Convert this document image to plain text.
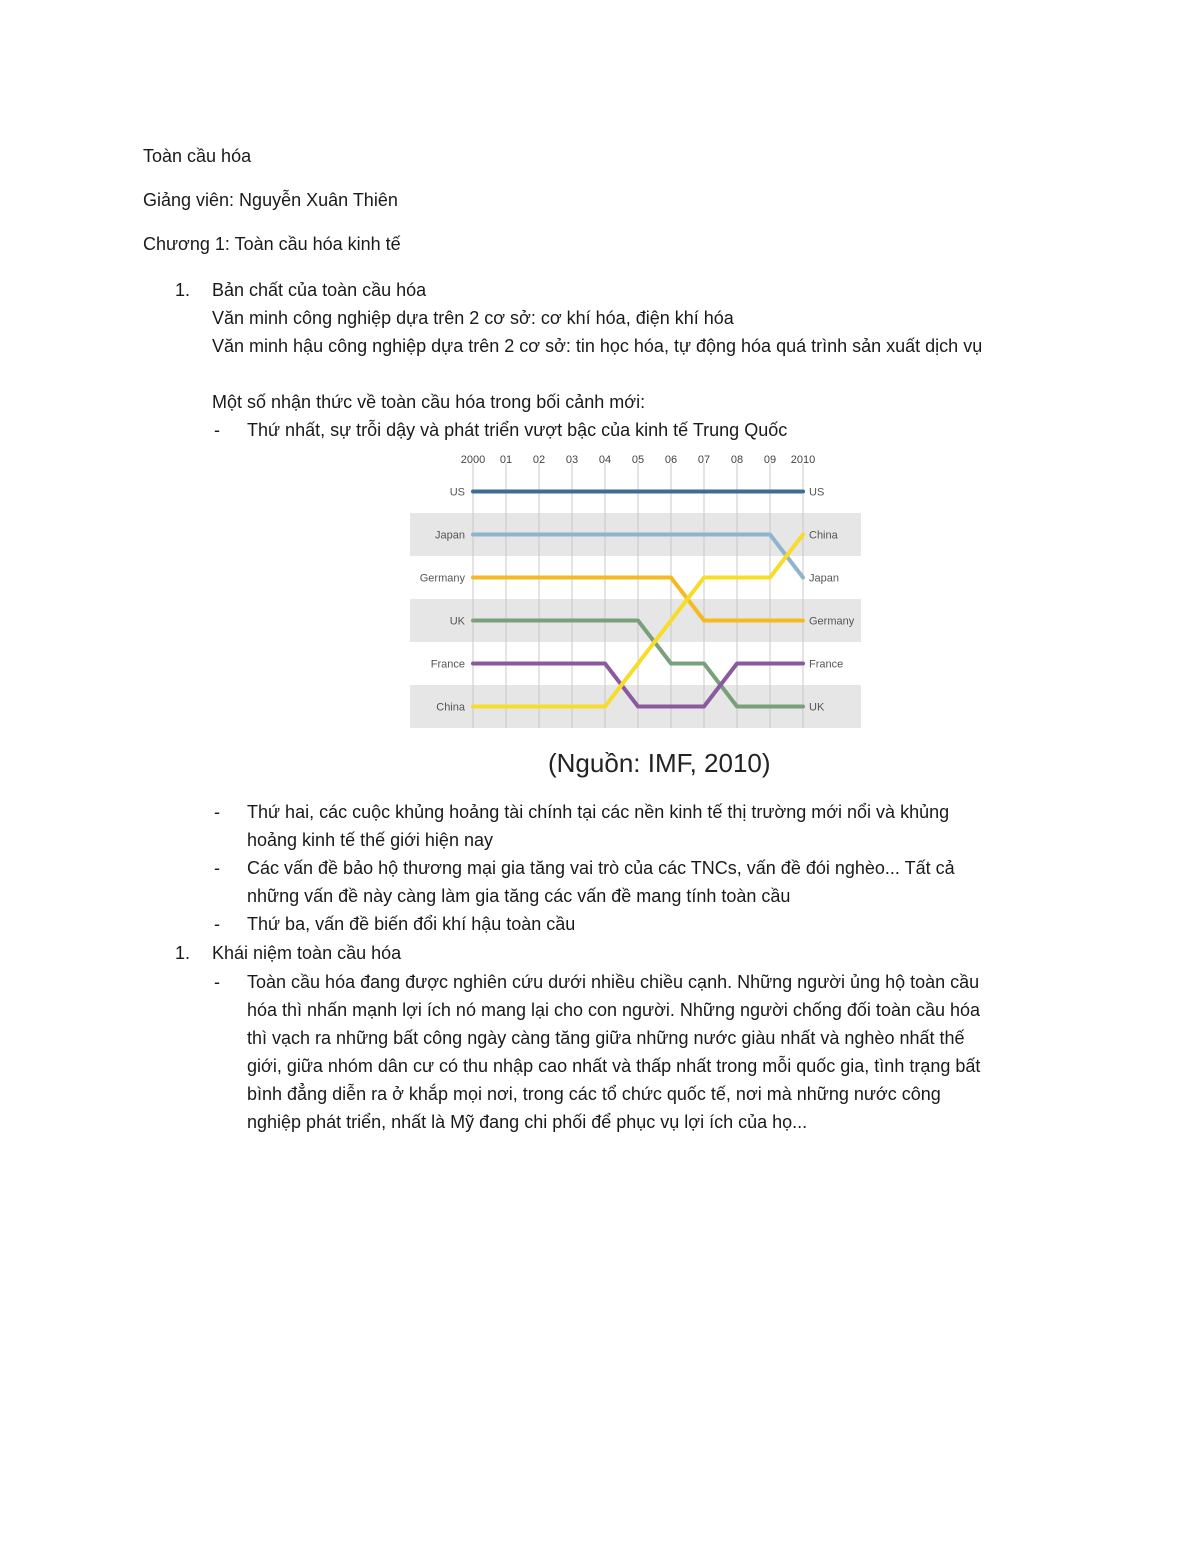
Toàn cầu hóa
Giảng viên: Nguyễn Xuân Thiên
Chương 1: Toàn cầu hóa kinh tế
1. Bản chất của toàn cầu hóa
Văn minh công nghiệp dựa trên 2 cơ sở: cơ khí hóa, điện khí hóa
Văn minh hậu công nghiệp dựa trên 2 cơ sở: tin học hóa, tự động hóa quá trình sản xuất dịch vụ
Một số nhận thức về toàn cầu hóa trong bối cảnh mới:
- Thứ nhất, sự trỗi dậy và phát triển vượt bậc của kinh tế Trung Quốc
2000 01 02 03 04 05 06 07 08 09 2010
US
Japan
Germany
UK
France
China
US
China
Japan
Germany
France
UK
(Nguồn: IMF, 2010)
- Thứ hai, các cuộc khủng hoảng tài chính tại các nền kinh tế thị trường mới nổi và khủng
hoảng kinh tế thế giới hiện nay
- Các vấn đề bảo hộ thương mại gia tăng vai trò của các TNCs, vấn đề đói nghèo... Tất cả
những vấn đề này càng làm gia tăng các vấn đề mang tính toàn cầu
- Thứ ba, vấn đề biến đổi khí hậu toàn cầu
1. Khái niệm toàn cầu hóa
- Toàn cầu hóa đang được nghiên cứu dưới nhiều chiều cạnh. Những người ủng hộ toàn cầu
hóa thì nhấn mạnh lợi ích nó mang lại cho con người. Những người chống đối toàn cầu hóa
thì vạch ra những bất công ngày càng tăng giữa những nước giàu nhất và nghèo nhất thế
giới, giữa nhóm dân cư có thu nhập cao nhất và thấp nhất trong mỗi quốc gia, tình trạng bất
bình đẳng diễn ra ở khắp mọi nơi, trong các tổ chức quốc tế, nơi mà những nước công
nghiệp phát triển, nhất là Mỹ đang chi phối để phục vụ lợi ích của họ...
